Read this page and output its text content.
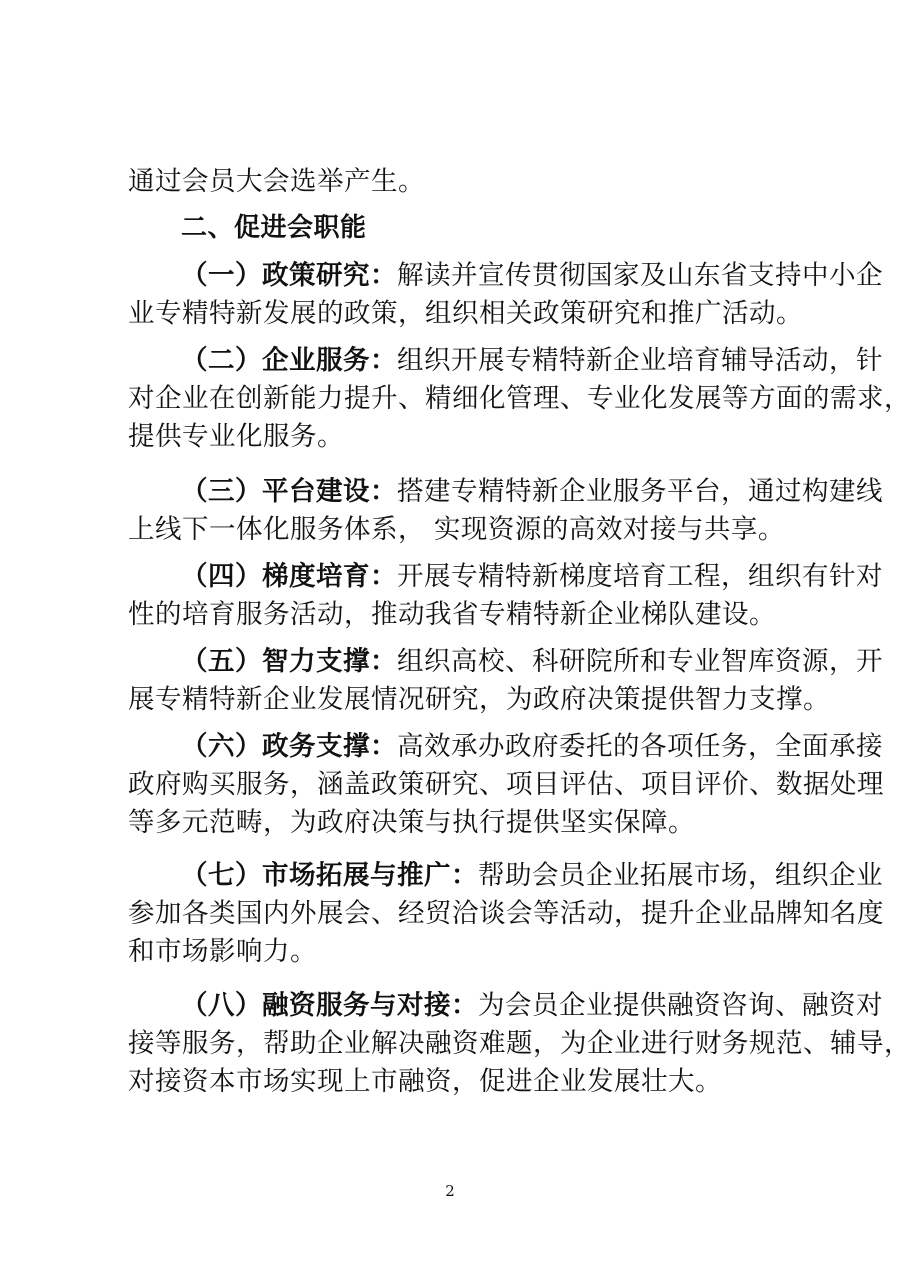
通过会员大会选举产生。
二、促进会职能
（一）政策研究：解读并宣传贯彻国家及山东省支持中小企
业专精特新发展的政策，组织相关政策研究和推广活动。
（二）企业服务：组织开展专精特新企业培育辅导活动，针
对企业在创新能力提升、精细化管理、专业化发展等方面的需求，
提供专业化服务。
（三）平台建设：搭建专精特新企业服务平台，通过构建线
上线下一体化服务体系， 实现资源的高效对接与共享。
（四）梯度培育：开展专精特新梯度培育工程，组织有针对
性的培育服务活动，推动我省专精特新企业梯队建设。
（五）智力支撑：组织高校、科研院所和专业智库资源，开
展专精特新企业发展情况研究，为政府决策提供智力支撑。
（六）政务支撑：高效承办政府委托的各项任务，全面承接
政府购买服务，涵盖政策研究、项目评估、项目评价、数据处理
等多元范畴，为政府决策与执行提供坚实保障。
（七）市场拓展与推广：帮助会员企业拓展市场，组织企业
参加各类国内外展会、经贸洽谈会等活动，提升企业品牌知名度
和市场影响力。
（八）融资服务与对接：为会员企业提供融资咨询、融资对
接等服务，帮助企业解决融资难题，为企业进行财务规范、辅导，
对接资本市场实现上市融资，促进企业发展壮大。
2
